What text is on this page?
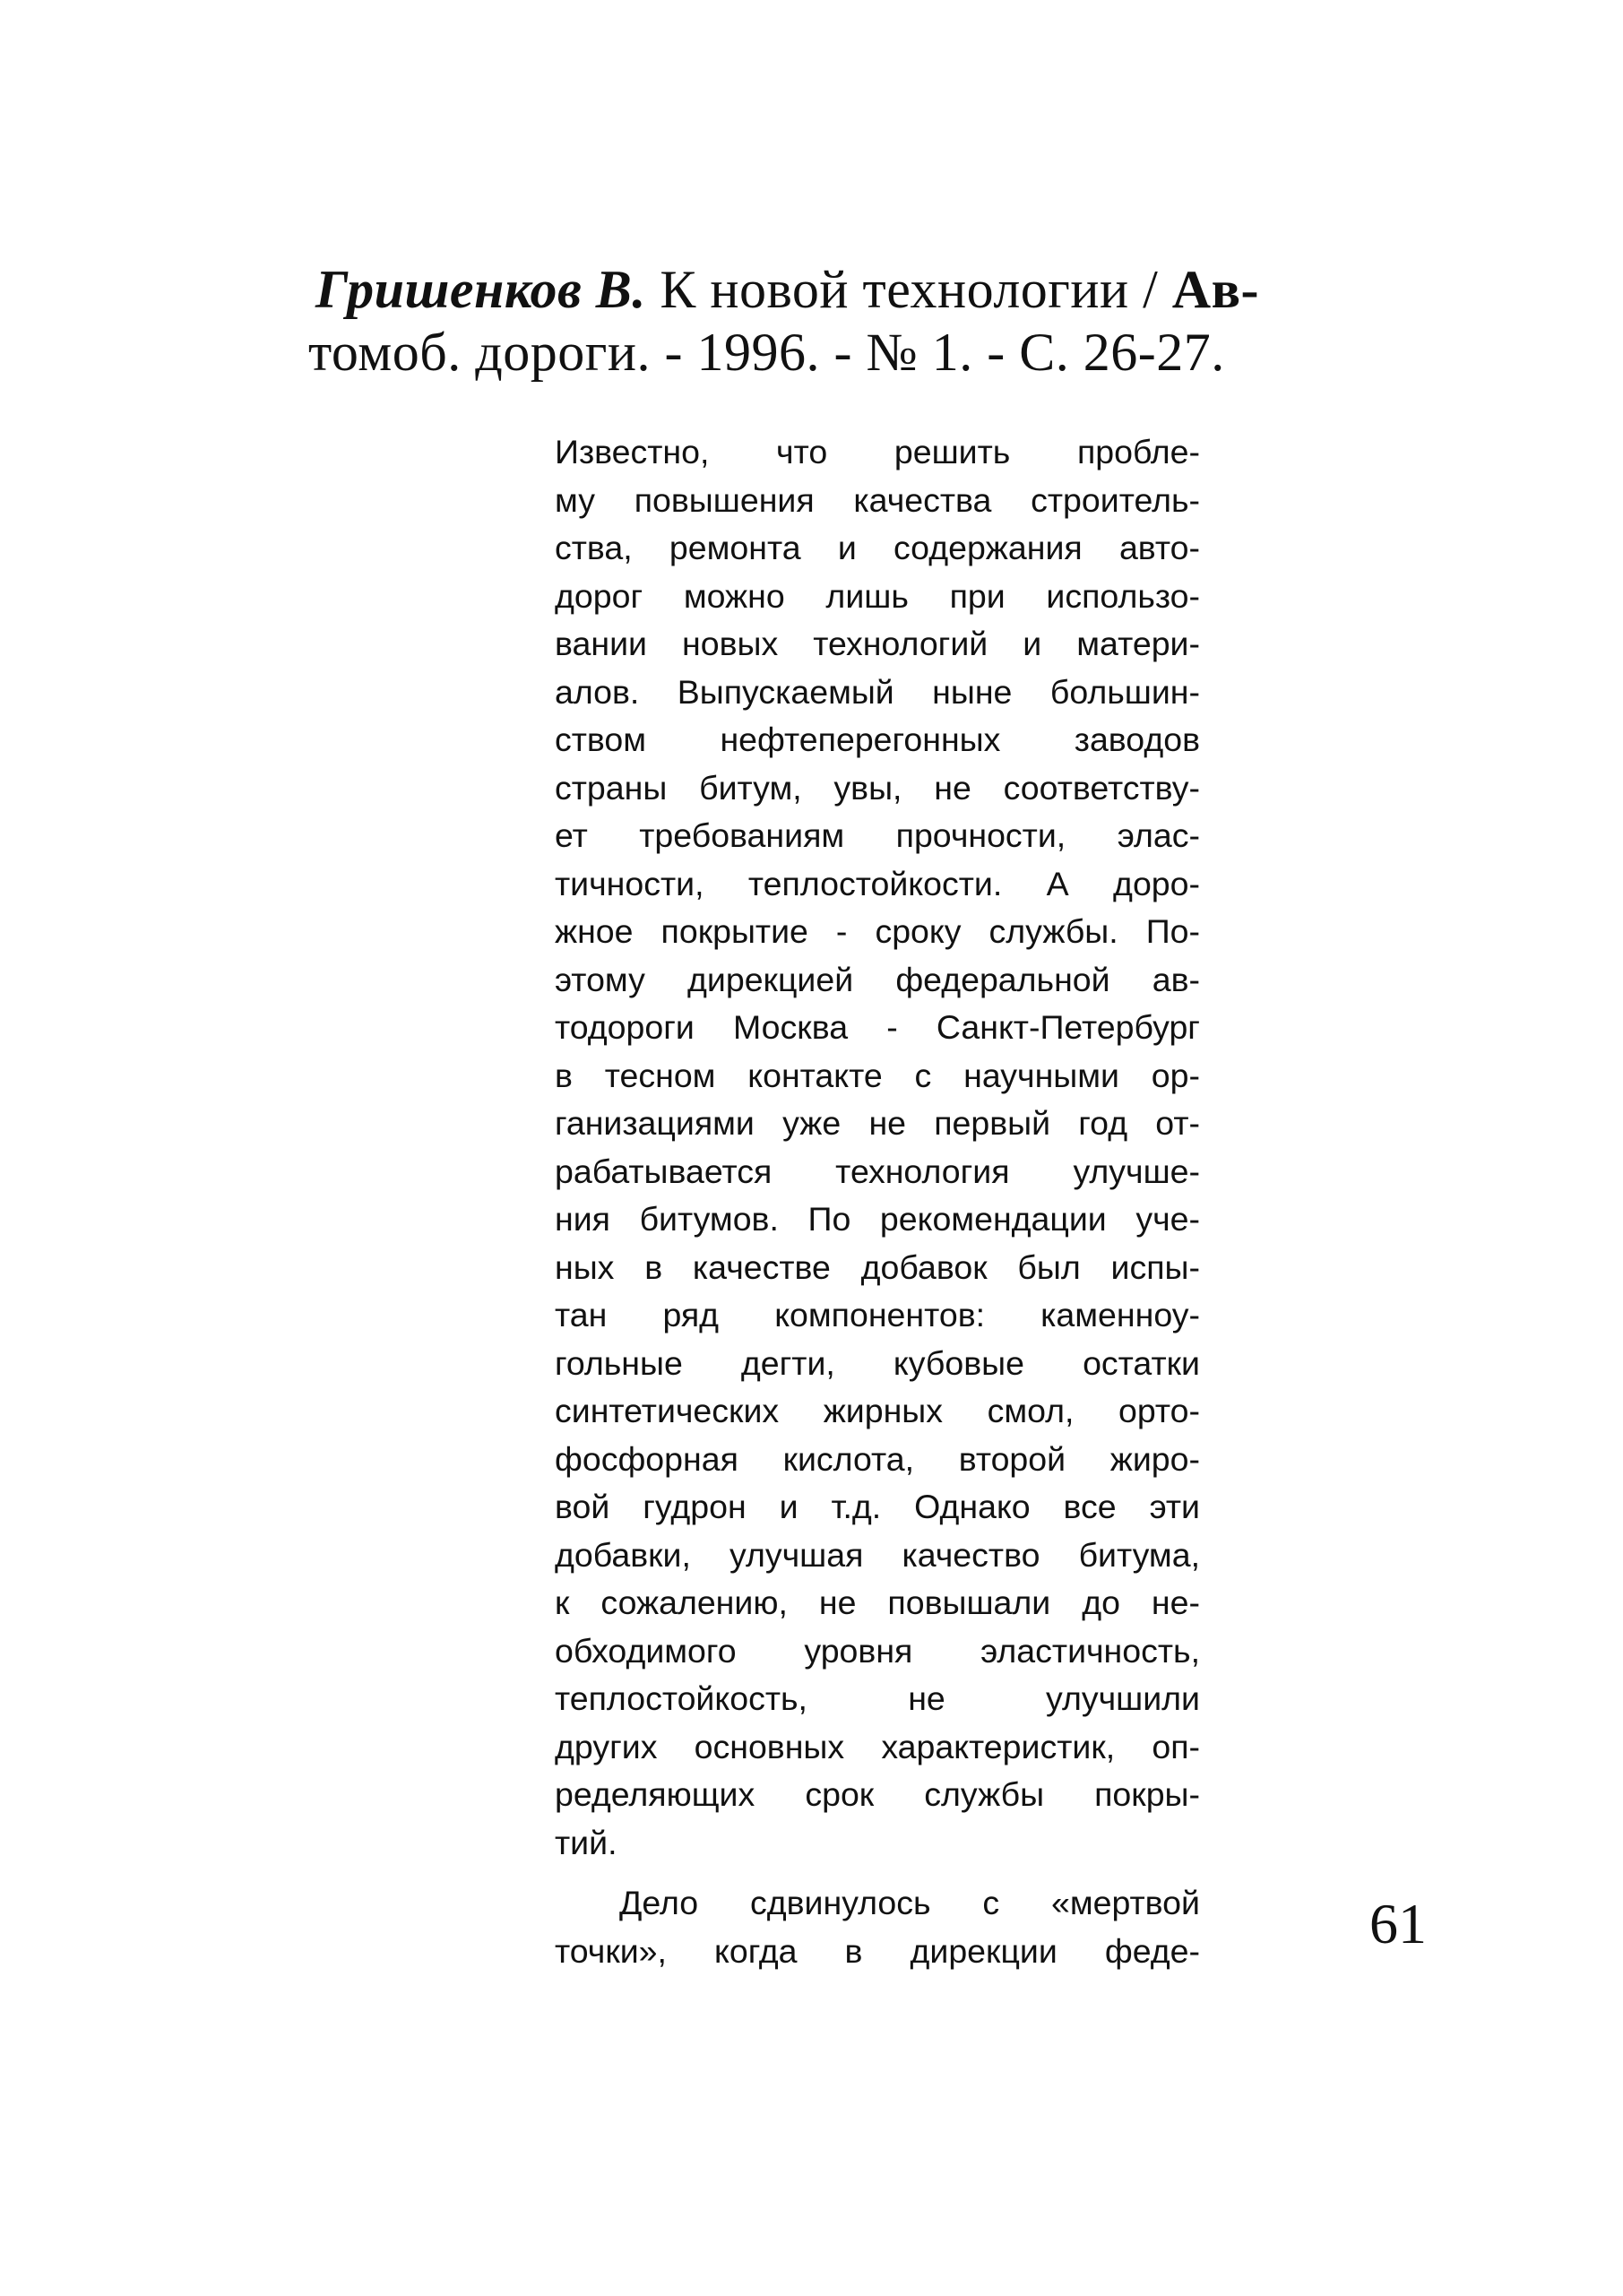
Гришенков В. К новой технологии / Ав-
томоб. дороги. - 1996. - № 1. - С. 26-27.
Известно, что решить пробле-
му повышения качества строитель-
ства, ремонта и содержания авто-
дорог можно лишь при использо-
вании новых технологий и матери-
алов. Выпускаемый ныне большин-
ством нефтеперегонных заводов
страны битум, увы, не соответству-
ет требованиям прочности, элас-
тичности, теплостойкости. А доро-
жное покрытие - сроку службы. По-
этому дирекцией федеральной ав-
тодороги Москва - Санкт-Петербург
в тесном контакте с научными ор-
ганизациями уже не первый год от-
рабатывается технология улучше-
ния битумов. По рекомендации уче-
ных в качестве добавок был испы-
тан ряд компонентов: каменноу-
гольные дегти, кубовые остатки
синтетических жирных смол, орто-
фосфорная кислота, второй жиро-
вой гудрон и т.д. Однако все эти
добавки, улучшая качество битума,
к сожалению, не повышали до не-
обходимого уровня эластичность,
теплостойкость, не улучшили
других основных характеристик, оп-
ределяющих срок службы покры-
тий.
Дело сдвинулось с «мертвой
точки», когда в дирекции феде-	61
